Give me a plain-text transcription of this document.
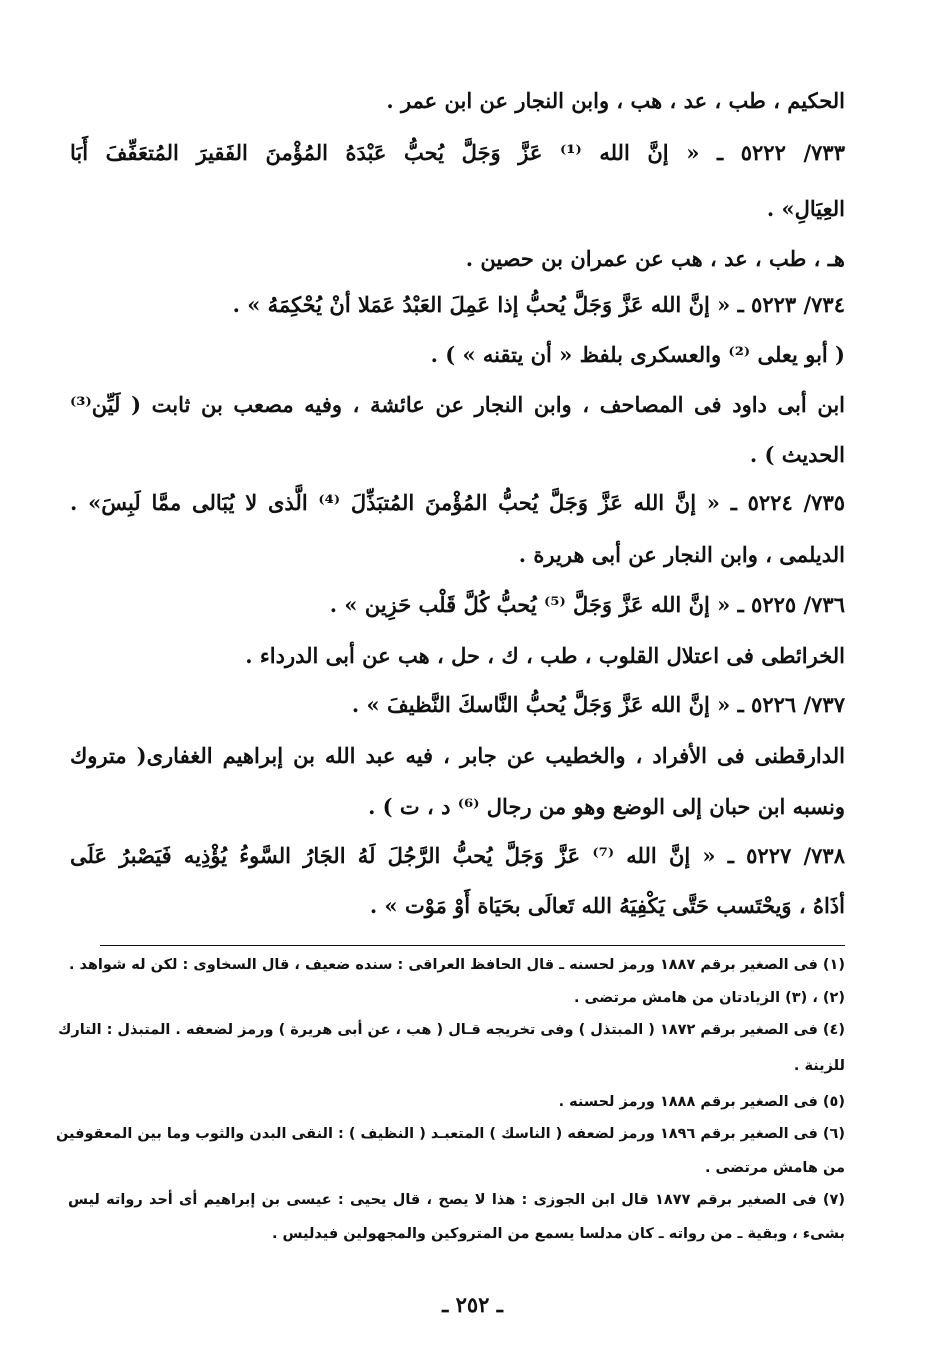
الحكيم ، طب ، عد ، هب ، وابن النجار عن ابن عمر .
٧٣٣/ ٥٢٢٢ ـ « إنَّ الله ⁽¹⁾ عَزَّ وَجَلَّ يُحبُّ عَبْدَهُ المُؤْمنَ الفَقيرَ المُتعَفِّفَ أَبَا
العِيَالِ» .
هـ ، طب ، عد ، هب عن عمران بن حصين .
٧٣٤/ ٥٢٢٣ ـ « إنَّ الله عَزَّ وَجَلَّ يُحبُّ إذا عَمِلَ العَبْدُ عَمَلا أنْ يُحْكِمَهُ » .
( أبو يعلى ⁽²⁾ والعسكرى بلفظ « أن يتقنه » ) .
ابن أبى داود فى المصاحف ، وابن النجار عن عائشة ، وفيه مصعب بن ثابت ( لَيِّن⁽³⁾
الحديث ) .
٧٣٥/ ٥٢٢٤ ـ « إنَّ الله عَزَّ وَجَلَّ يُحبُّ المُؤْمنَ المُتبَذِّلَ ⁽⁴⁾ الَّذى لا يُبَالى ممَّا لَبِسَ» .
الديلمى ، وابن النجار عن أبى هريرة .
٧٣٦/ ٥٢٢٥ ـ « إنَّ الله عَزَّ وَجَلَّ ⁽⁵⁾ يُحبُّ كُلَّ قَلْب حَزِين » .
الخرائطى فى اعتلال القلوب ، طب ، ك ، حل ، هب عن أبى الدرداء .
٧٣٧/ ٥٢٢٦ ـ « إنَّ الله عَزَّ وَجَلَّ يُحبُّ النَّاسكَ النَّظيفَ » .
الدارقطنى فى الأفراد ، والخطيب عن جابر ، فيه عبد الله بن إبراهيم الغفارى( متروك
ونسبه ابن حبان إلى الوضع وهو من رجال ⁽⁶⁾ د ، ت ) .
٧٣٨/ ٥٢٢٧ ـ « إنَّ الله ⁽⁷⁾ عَزَّ وَجَلَّ يُحبُّ الرَّجُلَ لَهُ الجَارُ السَّوءُ يُؤْذِيه فَيَصْبرُ عَلَى
أذَاهُ ، وَيحْتَسب حَتَّى يَكْفِيَهُ الله تَعالَى بحَيَاة أَوْ مَوْت » .
(١) فى الصغير برقم ١٨٨٧ ورمز لحسنه ـ قال الحافظ العراقى : سنده ضعيف ، قال السخاوى : لكن له شواهد .
(٢) ، (٣) الزيادتان من هامش مرتضى .
(٤) فى الصغير برقم ١٨٧٢ ( المبتذل ) وفى تخريجه قـال ( هب ، عن أبى هريرة ) ورمز لضعفه . المتبذل : التارك
للزينة .
(٥) فى الصغير برقم ١٨٨٨ ورمز لحسنه .
(٦) فى الصغير برقم ١٨٩٦ ورمز لضعفه ( الناسك ) المتعبـد ( النظيف ) : النقى البدن والثوب وما بين المعقوفين
من هامش مرتضى .
(٧) فى الصغير برقم ١٨٧٧ قال ابن الجوزى : هذا لا يصح ، قال يحيى : عيسى بن إبراهيم أى أحد رواته ليس
بشىء ، وبقية ـ من رواته ـ كان مدلسا يسمع من المتروكين والمجهولين فيدليس .
ـ ٢٥٢ ـ
